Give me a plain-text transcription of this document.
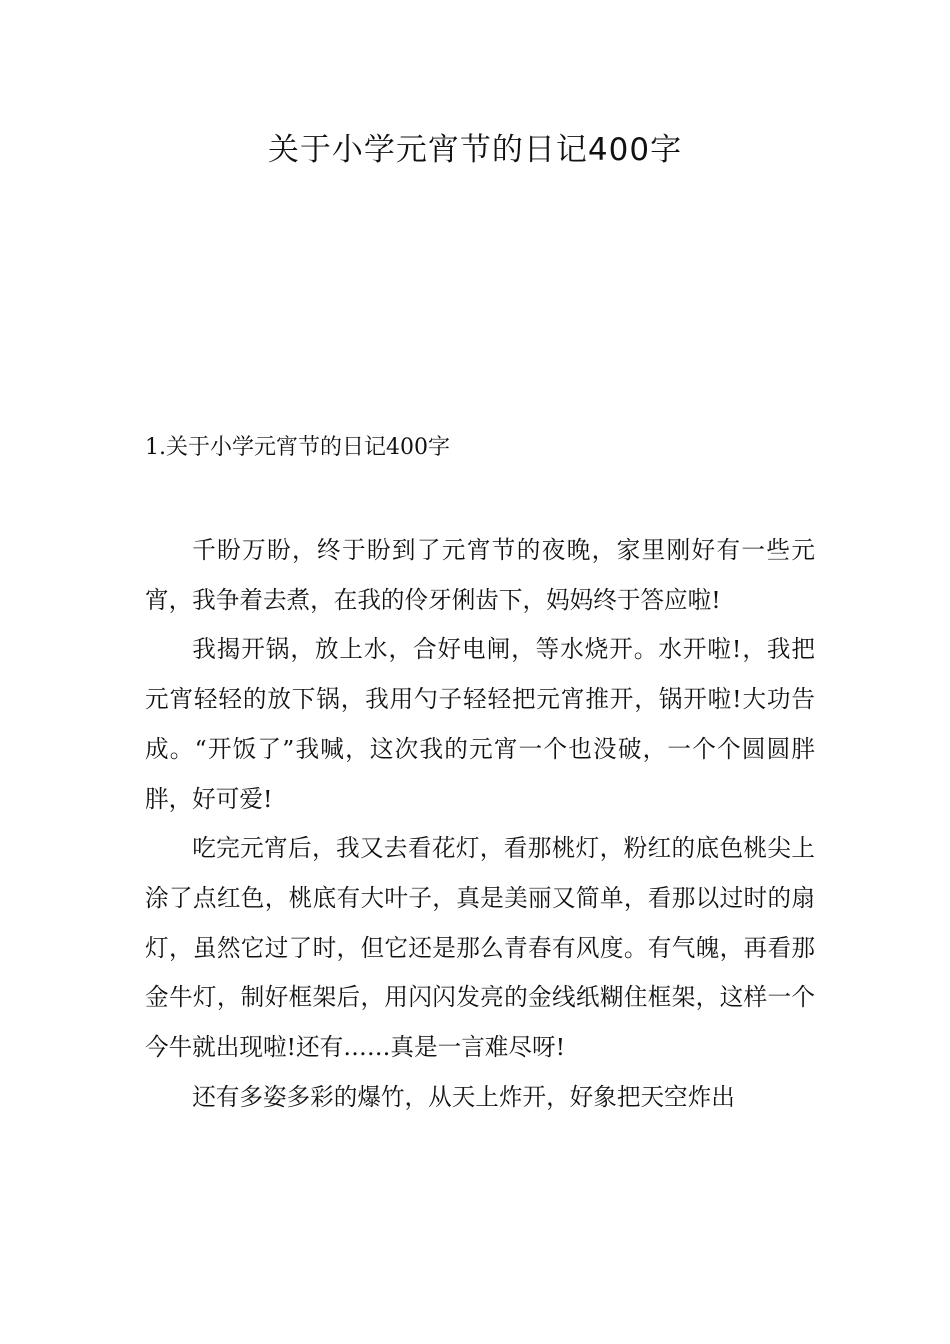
关于小学元宵节的日记400字
1.关于小学元宵节的日记400字

千盼万盼，终于盼到了元宵节的夜晚，家里刚好有一些元宵，我争着去煮，在我的伶牙俐齿下，妈妈终于答应啦!

我揭开锅，放上水，合好电闸，等水烧开。水开啦!，我把元宵轻轻的放下锅，我用勺子轻轻把元宵推开，锅开啦!大功告成。“开饭了”我喊，这次我的元宵一个也没破，一个个圆圆胖胖，好可爱!

吃完元宵后，我又去看花灯，看那桃灯，粉红的底色桃尖上涂了点红色，桃底有大叶子，真是美丽又简单，看那以过时的扇灯，虽然它过了时，但它还是那么青春有风度。有气魄，再看那金牛灯，制好框架后，用闪闪发亮的金线纸糊住框架，这样一个今牛就出现啦!还有……真是一言难尽呀!

还有多姿多彩的爆竹，从天上炸开，好象把天空炸出
